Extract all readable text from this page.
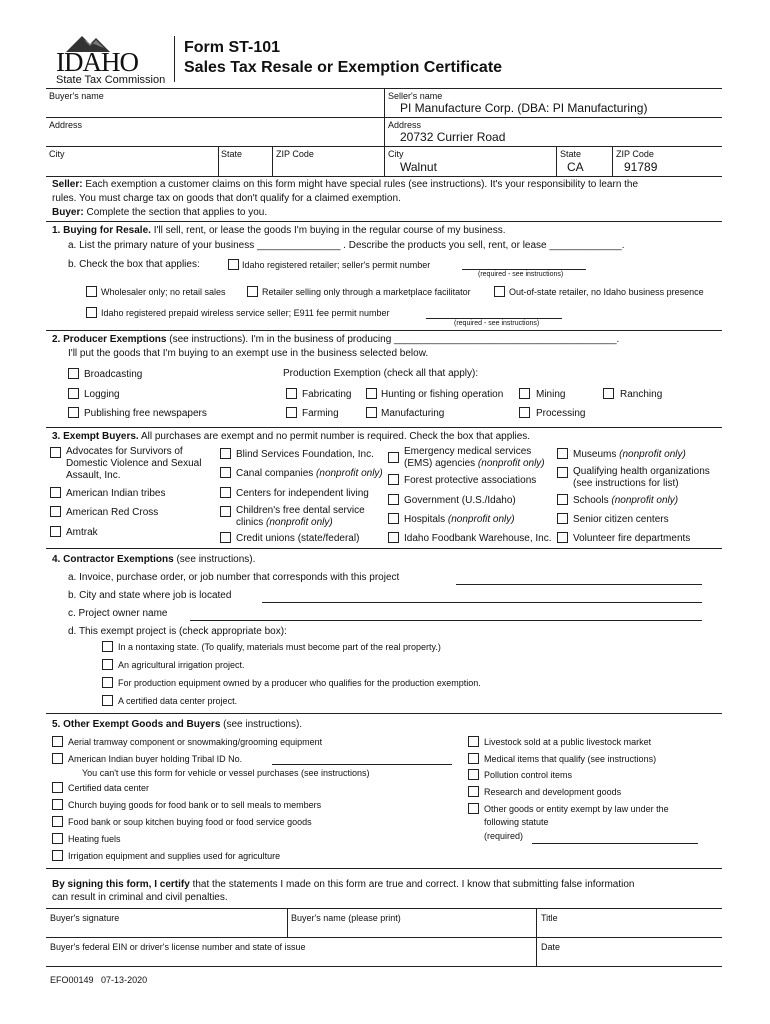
IDAHO
State Tax Commission
Form ST-101
Sales Tax Resale or Exemption Certificate
Buyer's name
Address
City	State	ZIP Code
Seller's name
PI Manufacture Corp. (DBA: PI Manufacturing)
Address
20732 Currier Road
City
Walnut
State
CA
ZIP Code
91789
Seller: Each exemption a customer claims on this form might have special rules (see instructions). It's your responsibility to learn the
rules. You must charge tax on goods that don't qualify for a claimed exemption.
Buyer: Complete the section that applies to you.
1. Buying for Resale. I'll sell, rent, or lease the goods I'm buying in the regular course of my business.
a. List the primary nature of your business _______________ . Describe the products you sell, rent, or lease _____________.
b. Check the box that applies:	Idaho registered retailer; seller's permit number
(required - see instructions)
Wholesaler only; no retail sales	Retailer selling only through a marketplace facilitator	Out-of-state retailer, no Idaho business presence
Idaho registered prepaid wireless service seller; E911 fee permit number
(required - see instructions)
2. Producer Exemptions (see instructions). I'm in the business of producing ________________________________________.
I'll put the goods that I'm buying to an exempt use in the business selected below.
Production Exemption (check all that apply):
Broadcasting
Logging
Publishing free newspapers
Fabricating
Farming
Hunting or fishing operation
Manufacturing
Mining
Processing
Ranching
3. Exempt Buyers. All purchases are exempt and no permit number is required. Check the box that applies.
Advocates for Survivors of
Domestic Violence and Sexual
Assault, Inc.
American Indian tribes
American Red Cross
Amtrak
Blind Services Foundation, Inc.
Canal companies (nonprofit only)
Centers for independent living
Children's free dental service
clinics (nonprofit only)
Credit unions (state/federal)
Emergency medical services
(EMS) agencies (nonprofit only)
Forest protective associations
Government (U.S./Idaho)
Hospitals (nonprofit only)
Idaho Foodbank Warehouse, Inc.
Museums (nonprofit only)
Qualifying health organizations
(see instructions for list)
Schools (nonprofit only)
Senior citizen centers
Volunteer fire departments
4. Contractor Exemptions (see instructions).
a. Invoice, purchase order, or job number that corresponds with this project
b. City and state where job is located
c. Project owner name
d. This exempt project is (check appropriate box):
In a nontaxing state. (To qualify, materials must become part of the real property.)
An agricultural irrigation project.
For production equipment owned by a producer who qualifies for the production exemption.
A certified data center project.
5. Other Exempt Goods and Buyers (see instructions).
Aerial tramway component or snowmaking/grooming equipment
American Indian buyer holding Tribal ID No.
You can't use this form for vehicle or vessel purchases (see instructions)
Certified data center
Church buying goods for food bank or to sell meals to members
Food bank or soup kitchen buying food or food service goods
Heating fuels
Irrigation equipment and supplies used for agriculture
Livestock sold at a public livestock market
Medical items that qualify (see instructions)
Pollution control items
Research and development goods
Other goods or entity exempt by law under the
following statute
(required)
By signing this form, I certify that the statements I made on this form are true and correct. I know that submitting false information
can result in criminal and civil penalties.
Buyer's signature	Buyer's name (please print)	Title
Buyer's federal EIN or driver's license number and state of issue	Date
EFO00149 07-13-2020
